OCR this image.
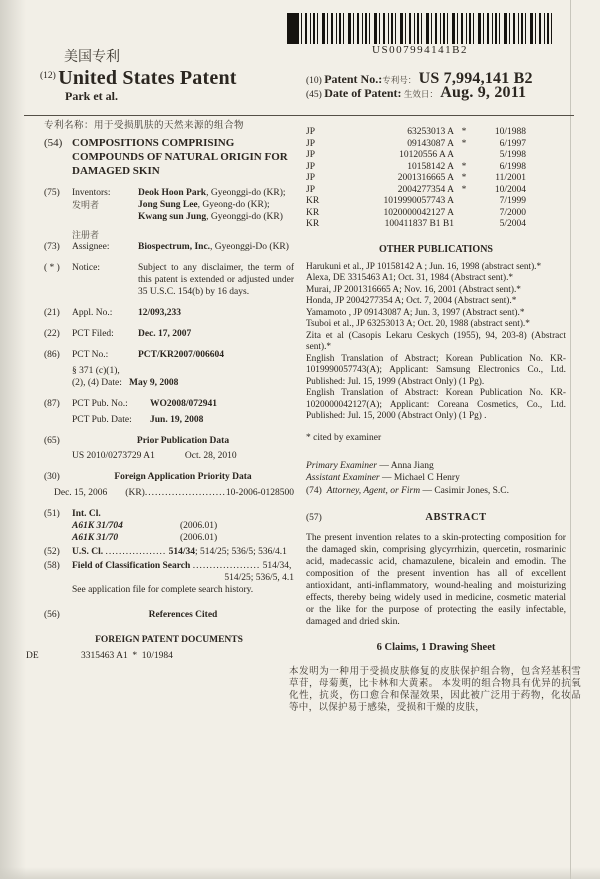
US007994141B2
美国专利
(12) United States Patent
Park et al.
(10) Patent No.:专利号： US 7,994,141 B2
(45) Date of Patent: 生效日： Aug. 9, 2011
专利名称：用于受损肌肤的天然来源的组合物
(54) COMPOSITIONS COMPRISING
COMPOUNDS OF NATURAL ORIGIN FOR
DAMAGED SKIN
(75)	Inventors:
发明者
Deok Hoon Park, Gyeonggi-do (KR);
Jong Sung Lee, Gyeong-do (KR);
Kwang sun Jung, Gyeonggi-do (KR)
注册者
(73)	Assignee:	Biospectrum, Inc., Gyeonggi-Do (KR)
( * )	Notice:	Subject to any disclaimer, the term of this patent is extended or adjusted under 35 U.S.C. 154(b) by 16 days.
(21)	Appl. No.:	12/093,233
(22)	PCT Filed:	Dec. 17, 2007
(86)	PCT No.:	PCT/KR2007/006604
§ 371 (c)(1),
(2), (4) Date: May 9, 2008
(87)	PCT Pub. No.:	WO2008/072941
PCT Pub. Date:	Jun. 19, 2008
(65)	Prior Publication Data
US 2010/0273729 A1	Oct. 28, 2010
(30)	Foreign Application Priority Data
Dec. 15, 2006 (KR) ........................ 10-2006-0128500
(51)	Int. Cl.
A61K 31/704	(2006.01)
A61K 31/70	(2006.01)
(52)	U.S. Cl. .................. 514/34; 514/25; 536/5; 536/4.1
(58)	Field of Classification Search .................... 514/34,
514/25; 536/5, 4.1
See application file for complete search history.
(56)	References Cited
FOREIGN PATENT DOCUMENTS
DE	3315463 A1 * 10/1984
JP	63253013 A *	10/1988
JP	09143087 A *	6/1997
JP	10120556 A A	5/1998
JP	10158142 A *	6/1998
JP	2001316665 A *	11/2001
JP	2004277354 A *	10/2004
KR	1019990057743 A	7/1999
KR	1020000042127 A	7/2000
KR	100411837 B1 B1	5/2004
OTHER PUBLICATIONS

Harukuni et al., JP 10158142 A ; Jun. 16, 1998 (abstract sent).*

Alexa, DE 3315463 A1; Oct. 31, 1984 (Abstract sent).*

Murai, JP 2001316665 A; Nov. 16, 2001 (Abstract sent).*

Honda, JP 2004277354 A; Oct. 7, 2004 (Abstract sent).*

Yamamoto , JP 09143087 A; Jun. 3, 1997 (Abstract sent).*

Tsuboi et al., JP 63253013 A; Oct. 20, 1988 (abstract sent).*

Zita et al (Casopis Lekaru Ceskych (1955), 94, 203-8) (Abstract sent).*

English Translation of Abstract; Korean Publication No. KR-1019990057743(A); Applicant: Samsung Electronics Co., Ltd. Published: Jul. 15, 1999 (Abstract Only) (1 Pg).

English Translation of Abstract: Korean Publication No. KR-1020000042127(A); Applicant: Coreana Cosmetics, Co., Ltd. Published: Jul. 15, 2000 (Abstract Only) (1 Pg) .

* cited by examiner

Primary Examiner — Anna Jiang

Assistant Examiner — Michael C Henry

(74) Attorney, Agent, or Firm — Casimir Jones, S.C.

(57)	ABSTRACT
The present invention relates to a skin-protecting composition for the damaged skin, comprising glycyrrhizin, quercetin, rosmarinic acid, madecassic acid, chamazulene, bicalein and emodin. The composition of the present invention has all of excellent antioxidant, anti-inflammatory, wound-healing and moisturizing effects, thereby being widely used in medicine, cosmetic material or the like for the purpose of protecting the easily infectable, damaged and dried skin.
6 Claims, 1 Drawing Sheet
本发明为一种用于受损皮肤修复的皮肤保护组合物，包含羟基积雪草苷，母菊薁，比卡林和大黄素。 本发明的组合物具有优异的抗氧化性，抗炎，伤口愈合和保湿效果，因此被广泛用于药物，化妆品等中，以保护易于感染，受损和干燥的皮肤，
